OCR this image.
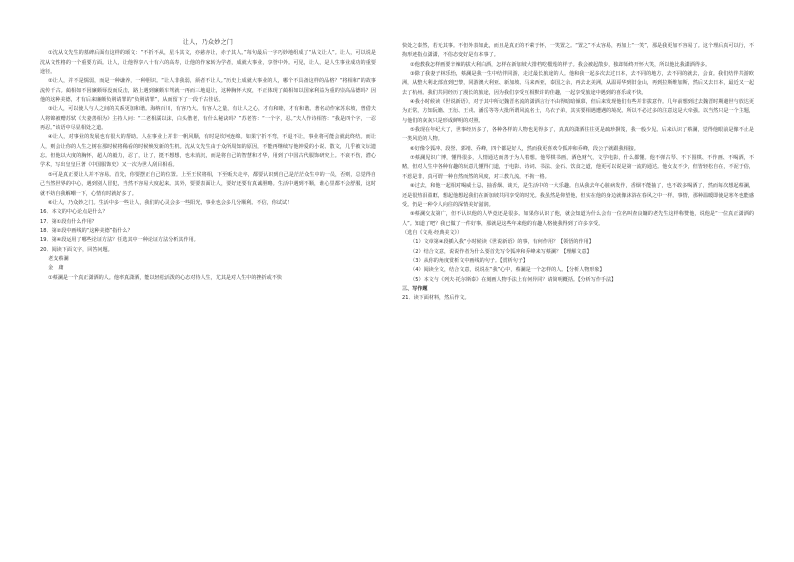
让人，乃众妙之门

①沈从文先生的墓碑后面有这样的颂文：“不折不从，星斗其文，亦慈亦让，赤子其人。”每句最后一字巧妙地组成了“从文让人”。让人，可以说是沈从文性格的一个重要方面。让人，让他得享八十有六的高寿，让他的作家转为学者，成就大事业，享誉中外。可见，让人，是人生事业成功的重要途径。

②让人，并不是懦弱，而是一种谦养，一种胆识。“让人非我弱，须者不让人。”历史上成就大事业的人，哪个不具备这样的品格？“将相和”的故事流传千古。蔺相如不因廉颇辱没而反击，路上遇到廉颇车驾就一再而三地退让，这种胸怀大度，不正体现了蔺相如以国家利益为重的崇高品德吗？因他的这种美德，才有后来廉颇负荆请罪的“负荆请罪”，从而留下了一段千古佳话。

③让人，可以使人与人之间的关系更加和谐。海纳百川，有容乃大。有容人之量，有让人之心，才有和睦，才有和谐。著名动作家苏东坡，曾借夫人将锦被赠苏轼《夫妻善相为》主持人问：“二老相濡以沫，白头偕老，有什么秘诀吗？”苏老答：“一个字，忍。”夫人作诗相答：“我是四个字，一忍再忍。”该语中尽显相处之道。

④让人，对事业的发展也有很大的帮助。人在事业上并非一帆风顺，有时是坎坷连绵。如果宁折不弯，不退不让，事业将可能会就此终结。而让人，则会让你的人生之树在那时候将稀看的时候焕发新的生机。沈从文先生由于众所周知的原因，不能再继续写他钟爱的小说、散文，几乎被文坛遗忘。但他以大度的胸怀，超人的毅力，忍了，让了，挺不想想，也未消沉，而是将自己的智慧和才华，用到了中国古代服饰研究上。不衰不伤，潜心学术，写出皇皇巨著《中国服饰史》又一次为世人刮目相看。

⑤可是真正要让人并不容易。首先，你要摆正自己的位置。上至王侯将相，下至贩夫走卒，都要认识到自己是茫茫众生中的一员，否则，总觉得自己当然世界的中心，遇到别人冒犯，当然不容易大度起来。其外，要要表面让人，要好还要有真诚胆略。生活中遇到不顺，谁心里都不会舒服，这时就不妨自我解嘲一下，心情有时就好多了。

⑥让人，乃众妙之门。生活中多一些让人，我们的心灵会多一些阳光，事业也会多几分顺利。不信，你试试！

16．本文的中心论点是什么？

17．第①段有什么作用？

18．第②段中画线的“这种美德”指什么？

19．第④段运用了哪些论证方法？任选其中一种论证方法分析其作用。

20．阅读下面文字，回答问题。

老支蔡澜

金　庸

①蔡澜是一个真正潇洒的人。他率真潇洒，能以轻松活泼的心态对待人生，尤其是对人生中的挫折或不快

快处之泰然，若无其事。不但外表如此，而且是真正的不萦于怀，一笑置之。“置之”不太容易，再加上“一笑”，那是我更加不容易了。这个理后真可以行，不拘形迹指点潇潇，不俗态变好是有本事了。

②他教我怎样画要辛辣的拔大利白酒，怎样在新加坡大排档吃榴莲的样子。我会被起散步，独却始终开怀大笑，所以他比我潇洒得多。

③除了我妻子林乐怡，蔡澜是我一生中结伴同游，走过最长旅途的人。他和我一起多次去过日本，去不同的地方，去不同的就去，会食。我们结伴共游欧洲，从整大利北部直到巴黎，同游澳大利亚、新加坡、马来西亚，泰国之余，再去北美洲，从温哥华到旧金山，再到拉斯维加斯，然后又去日本，最近又一起去了杭州。我们共同经历了漫长的旅途，因为我们享受互相默许的佳趣，一起享受旅途中遇到的喜乐或不快。

④我小时候读《世说新语》，对于其中所记魏晋名流的潇洒言行不由得暗暗倾慕，但后来发现他们有些并非拔意作。几年前想到过去魏晋时期避世与放达更为正常，方知阮籍、王衍、王戎、潘岳等等大批所谓风流名士，乌衣子弟，其实要相遇遭遇的境况。所以不必过多的注意这是大牵强。以当然只是一个主题，与他们的灰灰只是形成鲜明的对照。

⑤我现在年纪大了，世事经历多了，各种各样的人物也见得多了，真真的潇洒往往更是疏珍摒笈，我一般少见。后来认识了蔡澜，觉得他眼前是像不止是一类风范的人物。

⑥好像令狐冲、段誉、郭靖、乔峰，四个都是好人，然而我更喜欢令狐冲和乔峰，段公子就跟我相接。

⑦蔡澜见识广博，懂得很多，人情通达而善于为人着想。他琴棋书画，酒色财气，文学电影，什么都懂。他不弹古琴、不下围棋、不作画、不喝酒，不赌，但对人生中各种有趣的玩意儿懂得门道，于电影、诗词、书法、金石、饮食之道，他更可以说是第一流的通达。他女友不少，但皆轻松自在，不泥于俗，不惹是非，真可谓一种自然而然的风度，对三教九流，不拘一格。

⑧过去，和他一起相对喝威士忌，抽香烟、谈天，是生活中的一大乐趣。自从我去年心脏病发作，香烟不能抽了，也不敢多喝酒了，然而每次想起蔡澜，还是很热泪盈眶，想起他想起我们在新加坡共同享受的时光。我虽然是仰望他，但实在他的身边就像沐浴在春风之中一样。事情，那种温暖即使是寒冬也能感受。仍是一种令人向往的深情美好滋润。

⑨蔡澜交友第广，但不认识他的人毕竟还是很多。如果你认识了他，就会知道为什么会有一位名叫查良镛的老先生这样称赞他，说他是“一位真正潇洒的人”。知道了吧？我已做了一件好事，那就是这些年来他的有趣人格使我得到了许多享受。

（选自《文苑·经典美文》）

（1）文章第④段插入我“小时候读《世说新语》的事，有何作用？【领悟的作用】

（2）结合文意，说说作者为什么要首先写令狐冲和乔峰来写蔡澜？【理解文意】

（3）从你的角度赏析文中画线的句子。【赏析句子】

（4）阅读全文，结合文意，说说在“我”心中，蔡澜是一个怎样的人。【分析人物形象】

（5）本文与《列夫·托尔斯泰》在刻画人物手法上有何异同？请简明概括。【分析写作手法】

三、写作题

21．读下面材料，然后作文。
